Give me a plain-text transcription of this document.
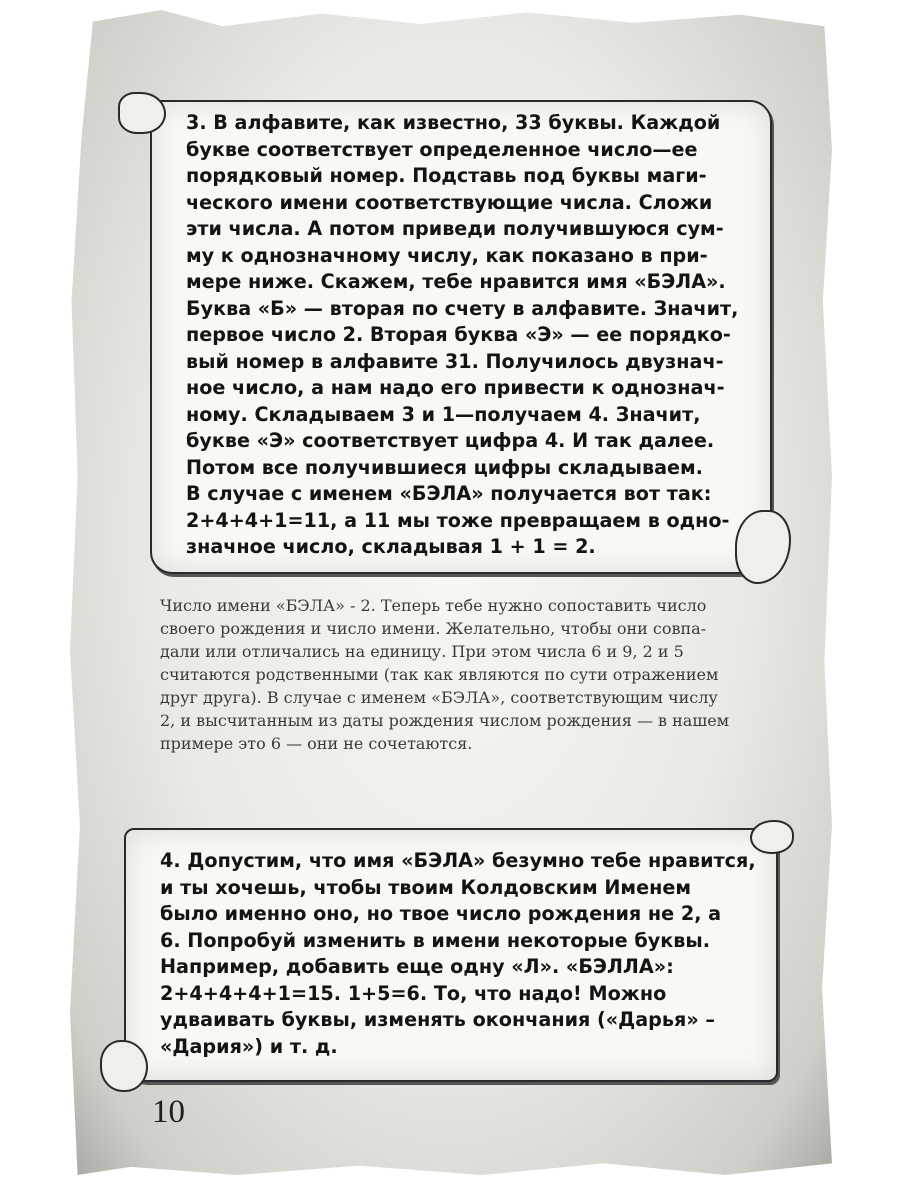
3. В алфавите, как известно, 33 буквы. Каждой
букве соответствует определенное число—ее
порядковый номер. Подставь под буквы маги-
ческого имени соответствующие числа. Сложи
эти числа. А потом приведи получившуюся сум-
му к однозначному числу, как показано в при-
мере ниже. Скажем, тебе нравится имя «БЭЛА».
Буква «Б» — вторая по счету в алфавите. Значит,
первое число 2. Вторая буква «Э» — ее порядко-
вый номер в алфавите 31. Получилось двузнач-
ное число, а нам надо его привести к однознач-
ному. Складываем 3 и 1—получаем 4. Значит,
букве «Э» соответствует цифра 4. И так далее.
Потом все получившиеся цифры складываем.
В случае с именем «БЭЛА» получается вот так:
2+4+4+1=11, а 11 мы тоже превращаем в одно-
значное число, складывая 1 + 1 = 2.

Число имени «БЭЛА» - 2. Теперь тебе нужно сопоставить число
своего рождения и число имени. Желательно, чтобы они совпа-
дали или отличались на единицу. При этом числа 6 и 9, 2 и 5
считаются родственными (так как являются по сути отражением
друг друга). В случае с именем «БЭЛА», соответствующим числу
2, и высчитанным из даты рождения числом рождения — в нашем
примере это 6 — они не сочетаются.

4. Допустим, что имя «БЭЛА» безумно тебе нравится,
и ты хочешь, чтобы твоим Колдовским Именем
было именно оно, но твое число рождения не 2, а
6. Попробуй изменить в имени некоторые буквы.
Например, добавить еще одну «Л». «БЭЛЛА»:
2+4+4+4+1=15. 1+5=6. То, что надо! Можно
удваивать буквы, изменять окончания («Дарья» –
«Дария») и т. д.

10
